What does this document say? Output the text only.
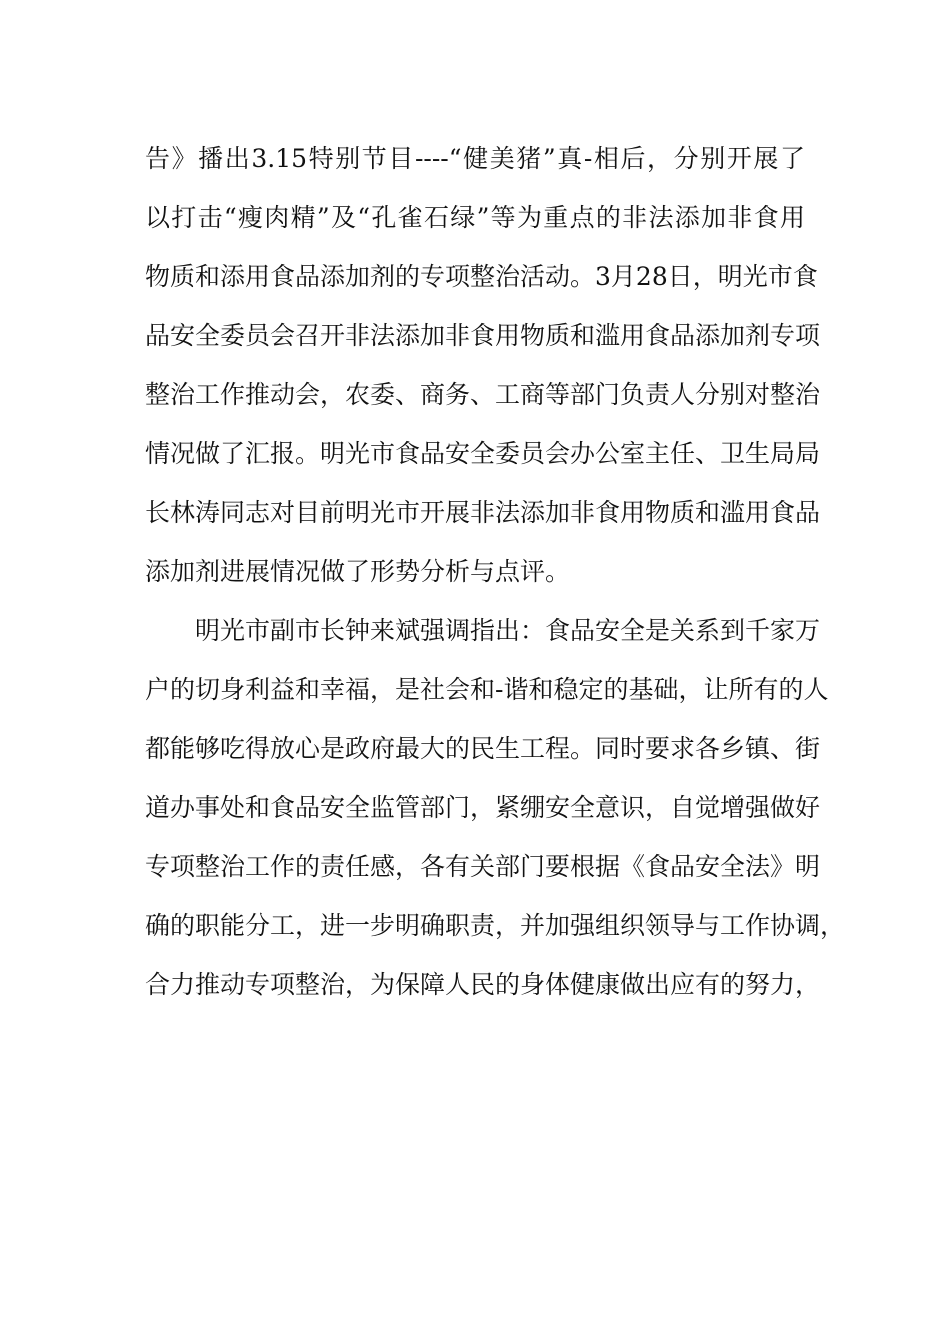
告》播出3.15特别节目----“健美猪”真-相后，分别开展了
以打击“瘦肉精”及“孔雀石绿”等为重点的非法添加非食用
物质和添用食品添加剂的专项整治活动。3月28日，明光市食
品安全委员会召开非法添加非食用物质和滥用食品添加剂专项
整治工作推动会，农委、商务、工商等部门负责人分别对整治
情况做了汇报。明光市食品安全委员会办公室主任、卫生局局
长林涛同志对目前明光市开展非法添加非食用物质和滥用食品
添加剂进展情况做了形势分析与点评。
明光市副市长钟来斌强调指出：食品安全是关系到千家万
户的切身利益和幸福，是社会和-谐和稳定的基础，让所有的人
都能够吃得放心是政府最大的民生工程。同时要求各乡镇、街
道办事处和食品安全监管部门，紧绷安全意识，自觉增强做好
专项整治工作的责任感，各有关部门要根据《食品安全法》明
确的职能分工，进一步明确职责，并加强组织领导与工作协调，
合力推动专项整治，为保障人民的身体健康做出应有的努力，
